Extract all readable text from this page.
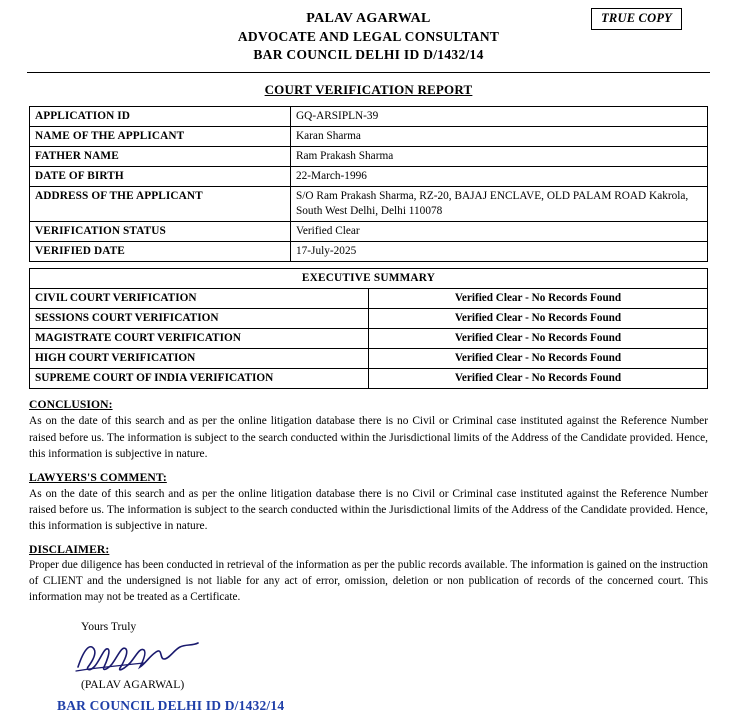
TRUE COPY
PALAV AGARWAL
ADVOCATE AND LEGAL CONSULTANT
BAR COUNCIL DELHI ID D/1432/14
COURT VERIFICATION REPORT
APPLICATION ID	GQ-ARSIPLN-39
NAME OF THE APPLICANT	Karan Sharma
FATHER NAME	Ram Prakash Sharma
DATE OF BIRTH	22-March-1996
ADDRESS OF THE APPLICANT	S/O Ram Prakash Sharma, RZ-20, BAJAJ ENCLAVE, OLD PALAM ROAD Kakrola, South West Delhi, Delhi 110078
VERIFICATION STATUS	Verified Clear
VERIFIED DATE	17-July-2025
EXECUTIVE SUMMARY	
CIVIL COURT VERIFICATION	Verified Clear - No Records Found
SESSIONS COURT VERIFICATION	Verified Clear - No Records Found
MAGISTRATE COURT VERIFICATION	Verified Clear - No Records Found
HIGH COURT VERIFICATION	Verified Clear - No Records Found
SUPREME COURT OF INDIA VERIFICATION	Verified Clear - No Records Found
CONCLUSION:

As on the date of this search and as per the online litigation database there is no Civil or Criminal case instituted against the Reference Number raised before us. The information is subject to the search conducted within the Jurisdictional limits of the Address of the Candidate provided. Hence, this information is subjective in nature.

LAWYERS'S COMMENT:

As on the date of this search and as per the online litigation database there is no Civil or Criminal case instituted against the Reference Number raised before us. The information is subject to the search conducted within the Jurisdictional limits of the Address of the Candidate provided. Hence, this information is subjective in nature.

DISCLAIMER:

Proper due diligence has been conducted in retrieval of the information as per the public records available. The information is gained on the instruction of CLIENT and the undersigned is not liable for any act of error, omission, deletion or non publication of records of the concerned court. This information may not be treated as a Certificate.

Yours Truly
(PALAV AGARWAL)
BAR COUNCIL DELHI ID D/1432/14
